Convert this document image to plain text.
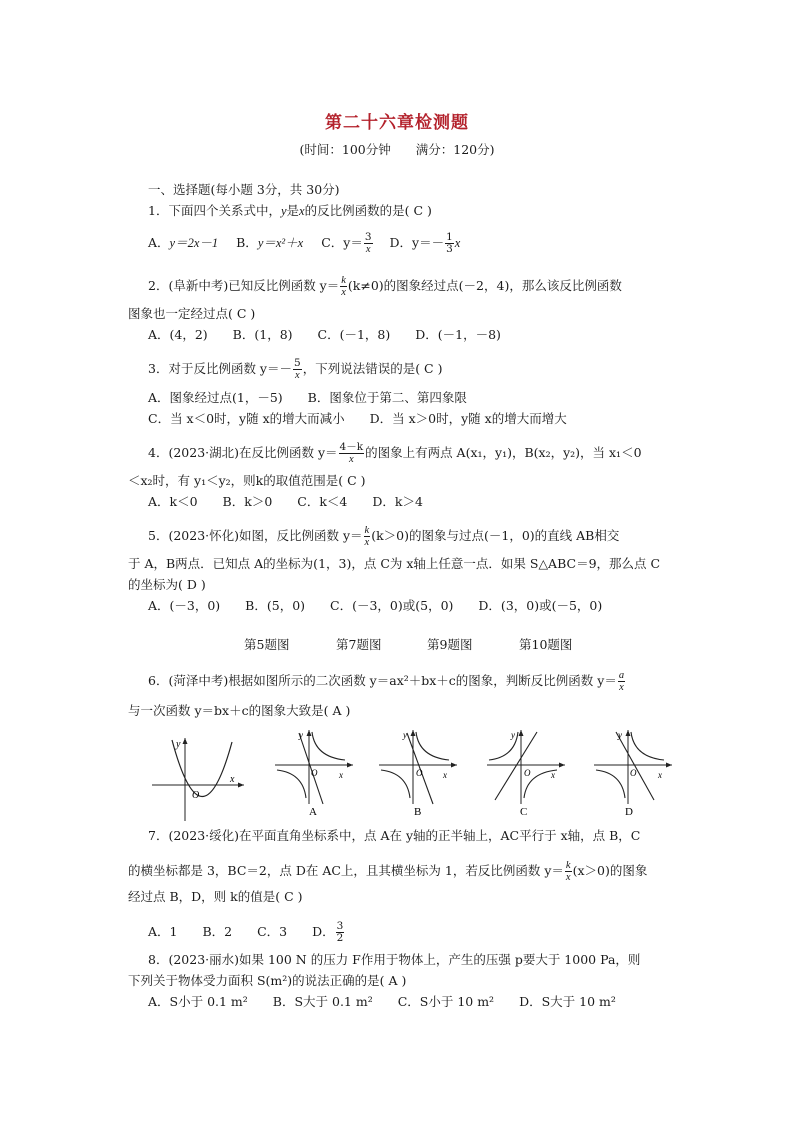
第二十六章检测题
(时间：100分钟　　满分：120分)
一、选择题(每小题 3分，共 30分)
1．下面四个关系式中，y是x的反比例函数的是( C )
A．y＝2x－1 B．y＝x²＋x C．$y= \frac{3}{x}$ D．$y=- \frac{1}{3}$ x
2．(阜新中考)已知反比例函数 $y= \frac{k}{x} (k\ne 0)$的图象经过点(－2，4)，那么该反比例函数
图象也一定经过点( C )
A．(4，2)　　B．(1，8)　　C．(－1，8)　　D．(－1，－8)
3．对于反比例函数 $y=- \frac{5}{x}$ ，下列说法错误的是( C )
A．图象经过点(1，－5)　　B．图象位于第二、第四象限
C．当 x＜0时，y随 x的增大而减小　　D．当 x＞0时，y随 x的增大而增大
4．(2023·湖北)在反比例函数 $y= \frac{4-k}{x}$ 的图象上有两点 A(x₁，y₁)，B(x₂，y₂)，当 x₁＜0
＜x₂时，有 y₁＜y₂，则k的取值范围是( C )
A．k＜0　　B．k＞0　　C．k＜4　　D．k＞4
5．(2023·怀化)如图，反比例函数 $y= \frac{k}{x} (k>0)$的图象与过点(－1，0)的直线 AB相交
于 A，B两点．已知点 A的坐标为(1，3)，点 C为 x轴上任意一点．如果 S△ABC＝9，那么点 C
的坐标为( D )
A．(－3，0)　　B．(5，0)　　C．(－3，0)或(5，0)　　D．(3，0)或(－5，0)
第5题图	第7题图	第9题图	第10题图
6．(菏泽中考)根据如图所示的二次函数 y＝ax²＋bx＋c的图象，判断反比例函数 $y= \frac{a}{x}$
与一次函数 y＝bx＋c的图象大致是( A )
y
x
O
y
x
O
A
y
x
O
B
y
x
O
C
y
x
O
D
7．(2023·绥化)在平面直角坐标系中，点 A在 y轴的正半轴上，AC平行于 x轴，点 B，C
的横坐标都是 3，BC＝2，点 D在 AC上，且其横坐标为 1，若反比例函数 $y= \frac{k}{x} (x>0)$的图象
经过点 B，D，则 k的值是( C )
A．1　　B．2　　C．3　　D． $\frac{3}{2}$
8．(2023·丽水)如果 100 N 的压力 F作用于物体上，产生的压强 p要大于 1000 Pa，则
下列关于物体受力面积 S(m²)的说法正确的是( A )
A．S小于 0.1 m²　　B．S大于 0.1 m²　　C．S小于 10 m²　　D．S大于 10 m²
